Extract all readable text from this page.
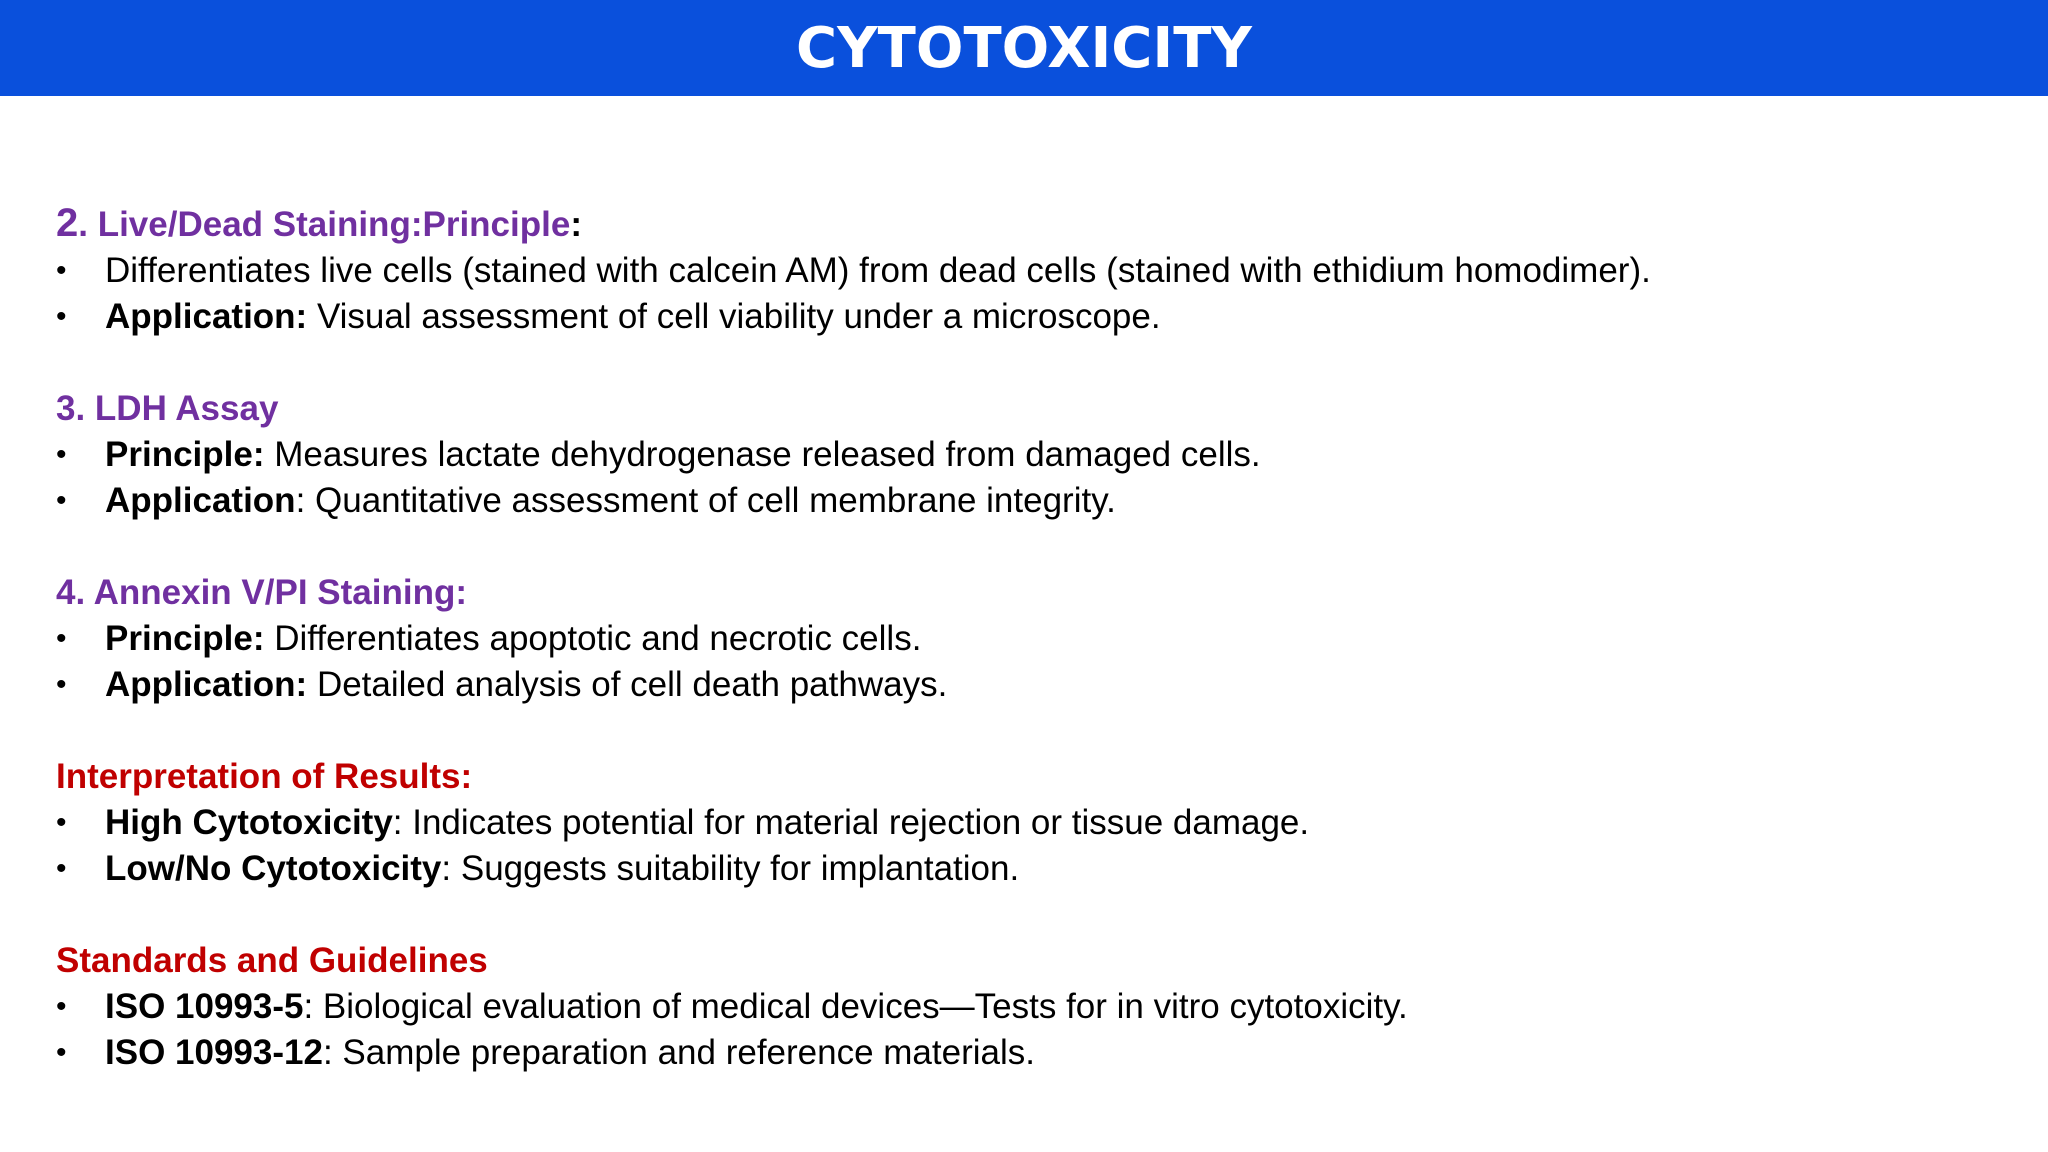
CYTOTOXICITY
2. Live/Dead Staining:Principle:
• Differentiates live cells (stained with calcein AM) from dead cells (stained with ethidium homodimer).
• Application: Visual assessment of cell viability under a microscope.
3. LDH Assay
• Principle: Measures lactate dehydrogenase released from damaged cells.
• Application: Quantitative assessment of cell membrane integrity.
4. Annexin V/PI Staining:
• Principle: Differentiates apoptotic and necrotic cells.
• Application: Detailed analysis of cell death pathways.
Interpretation of Results:
• High Cytotoxicity: Indicates potential for material rejection or tissue damage.
• Low/No Cytotoxicity: Suggests suitability for implantation.
Standards and Guidelines
• ISO 10993-5: Biological evaluation of medical devices—Tests for in vitro cytotoxicity.
• ISO 10993-12: Sample preparation and reference materials.
